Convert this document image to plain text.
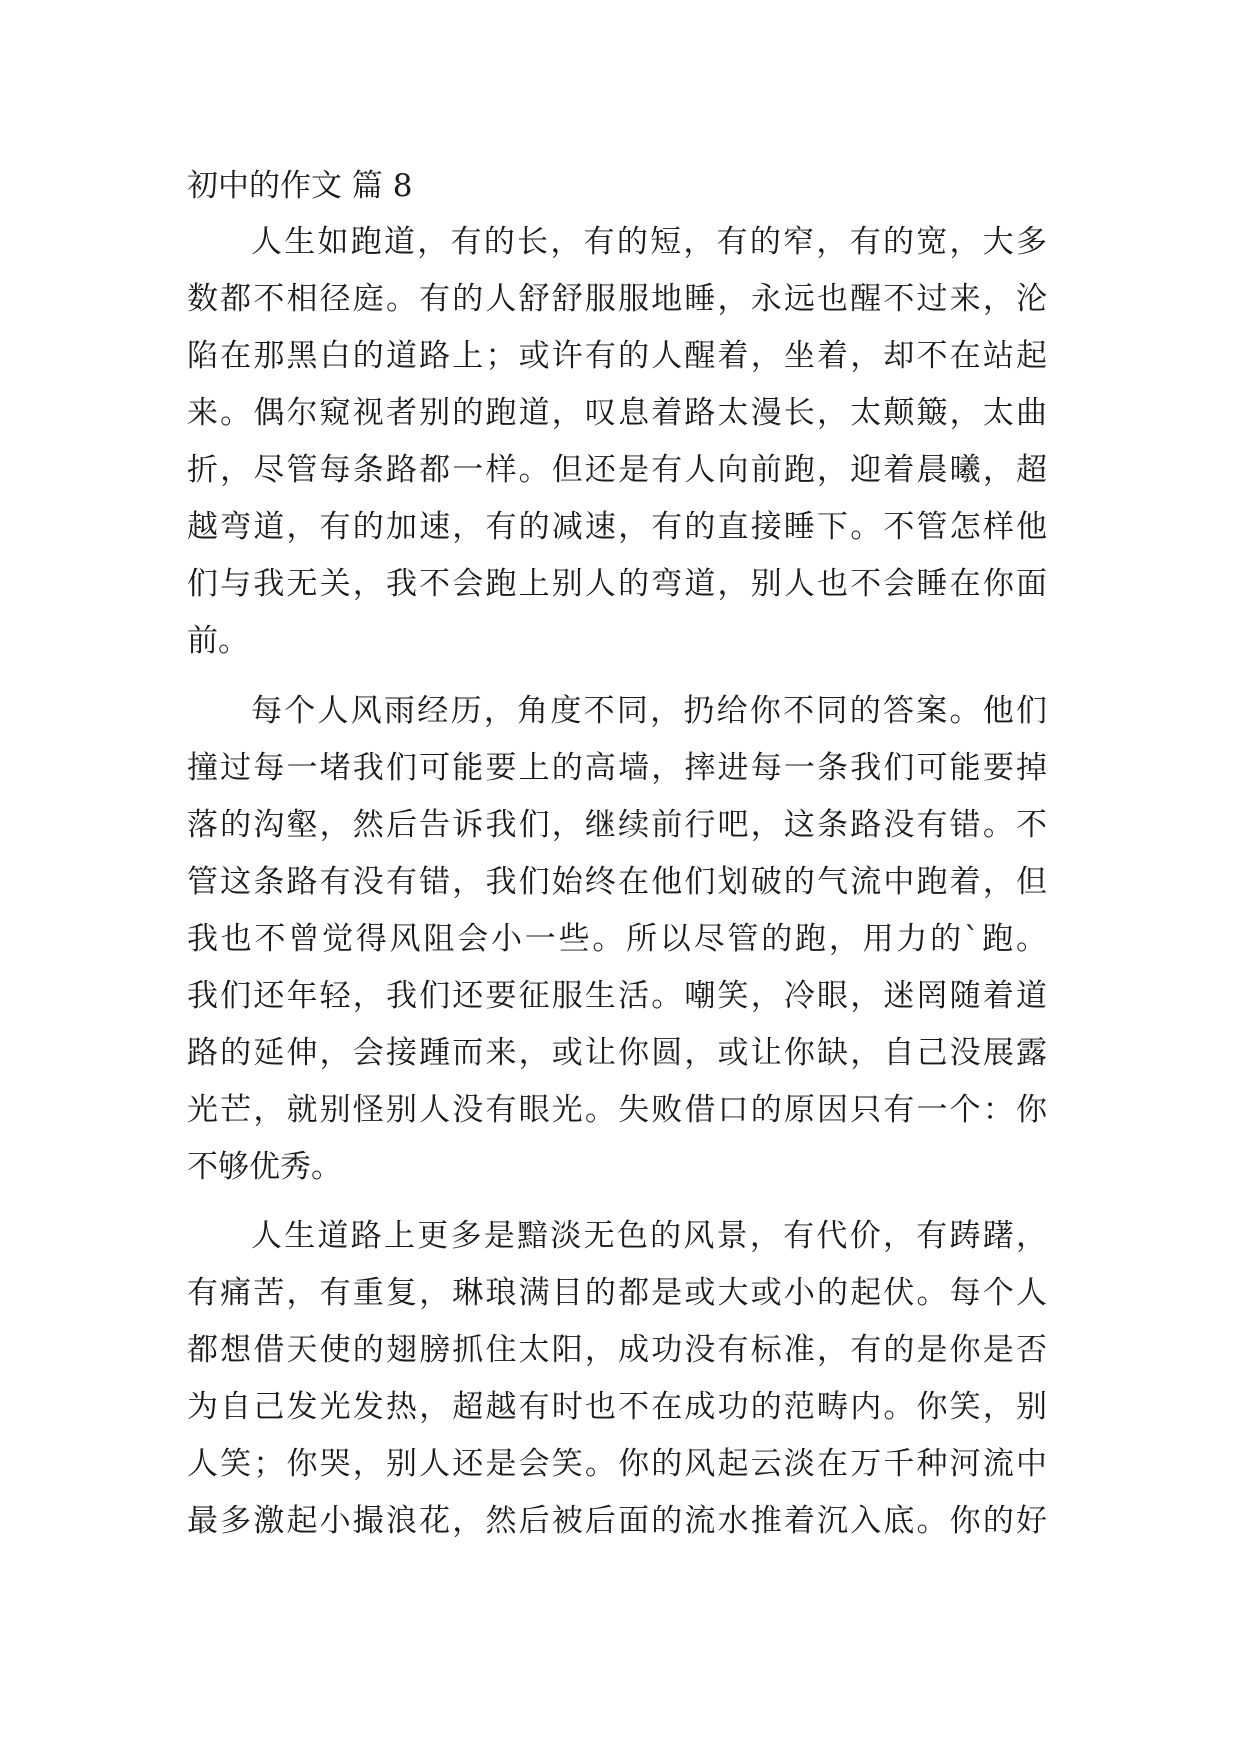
初中的作文 篇 8
人生如跑道，有的长，有的短，有的窄，有的宽，大多
数都不相径庭。有的人舒舒服服地睡，永远也醒不过来，沦
陷在那黑白的道路上；或许有的人醒着，坐着，却不在站起
来。偶尔窥视者别的跑道，叹息着路太漫长，太颠簸，太曲
折，尽管每条路都一样。但还是有人向前跑，迎着晨曦，超
越弯道，有的加速，有的减速，有的直接睡下。不管怎样他
们与我无关，我不会跑上别人的弯道，别人也不会睡在你面
前。
每个人风雨经历，角度不同，扔给你不同的答案。他们
撞过每一堵我们可能要上的高墙，摔进每一条我们可能要掉
落的沟壑，然后告诉我们，继续前行吧，这条路没有错。不
管这条路有没有错，我们始终在他们划破的气流中跑着，但
我也不曾觉得风阻会小一些。所以尽管的跑，用力的`跑。
我们还年轻，我们还要征服生活。嘲笑，冷眼，迷罔随着道
路的延伸，会接踵而来，或让你圆，或让你缺，自己没展露
光芒，就别怪别人没有眼光。失败借口的原因只有一个：你
不够优秀。
人生道路上更多是黯淡无色的风景，有代价，有踌躇，
有痛苦，有重复，琳琅满目的都是或大或小的起伏。每个人
都想借天使的翅膀抓住太阳，成功没有标准，有的是你是否
为自己发光发热，超越有时也不在成功的范畴内。你笑，别
人笑；你哭，别人还是会笑。你的风起云淡在万千种河流中
最多激起小撮浪花，然后被后面的流水推着沉入底。你的好
